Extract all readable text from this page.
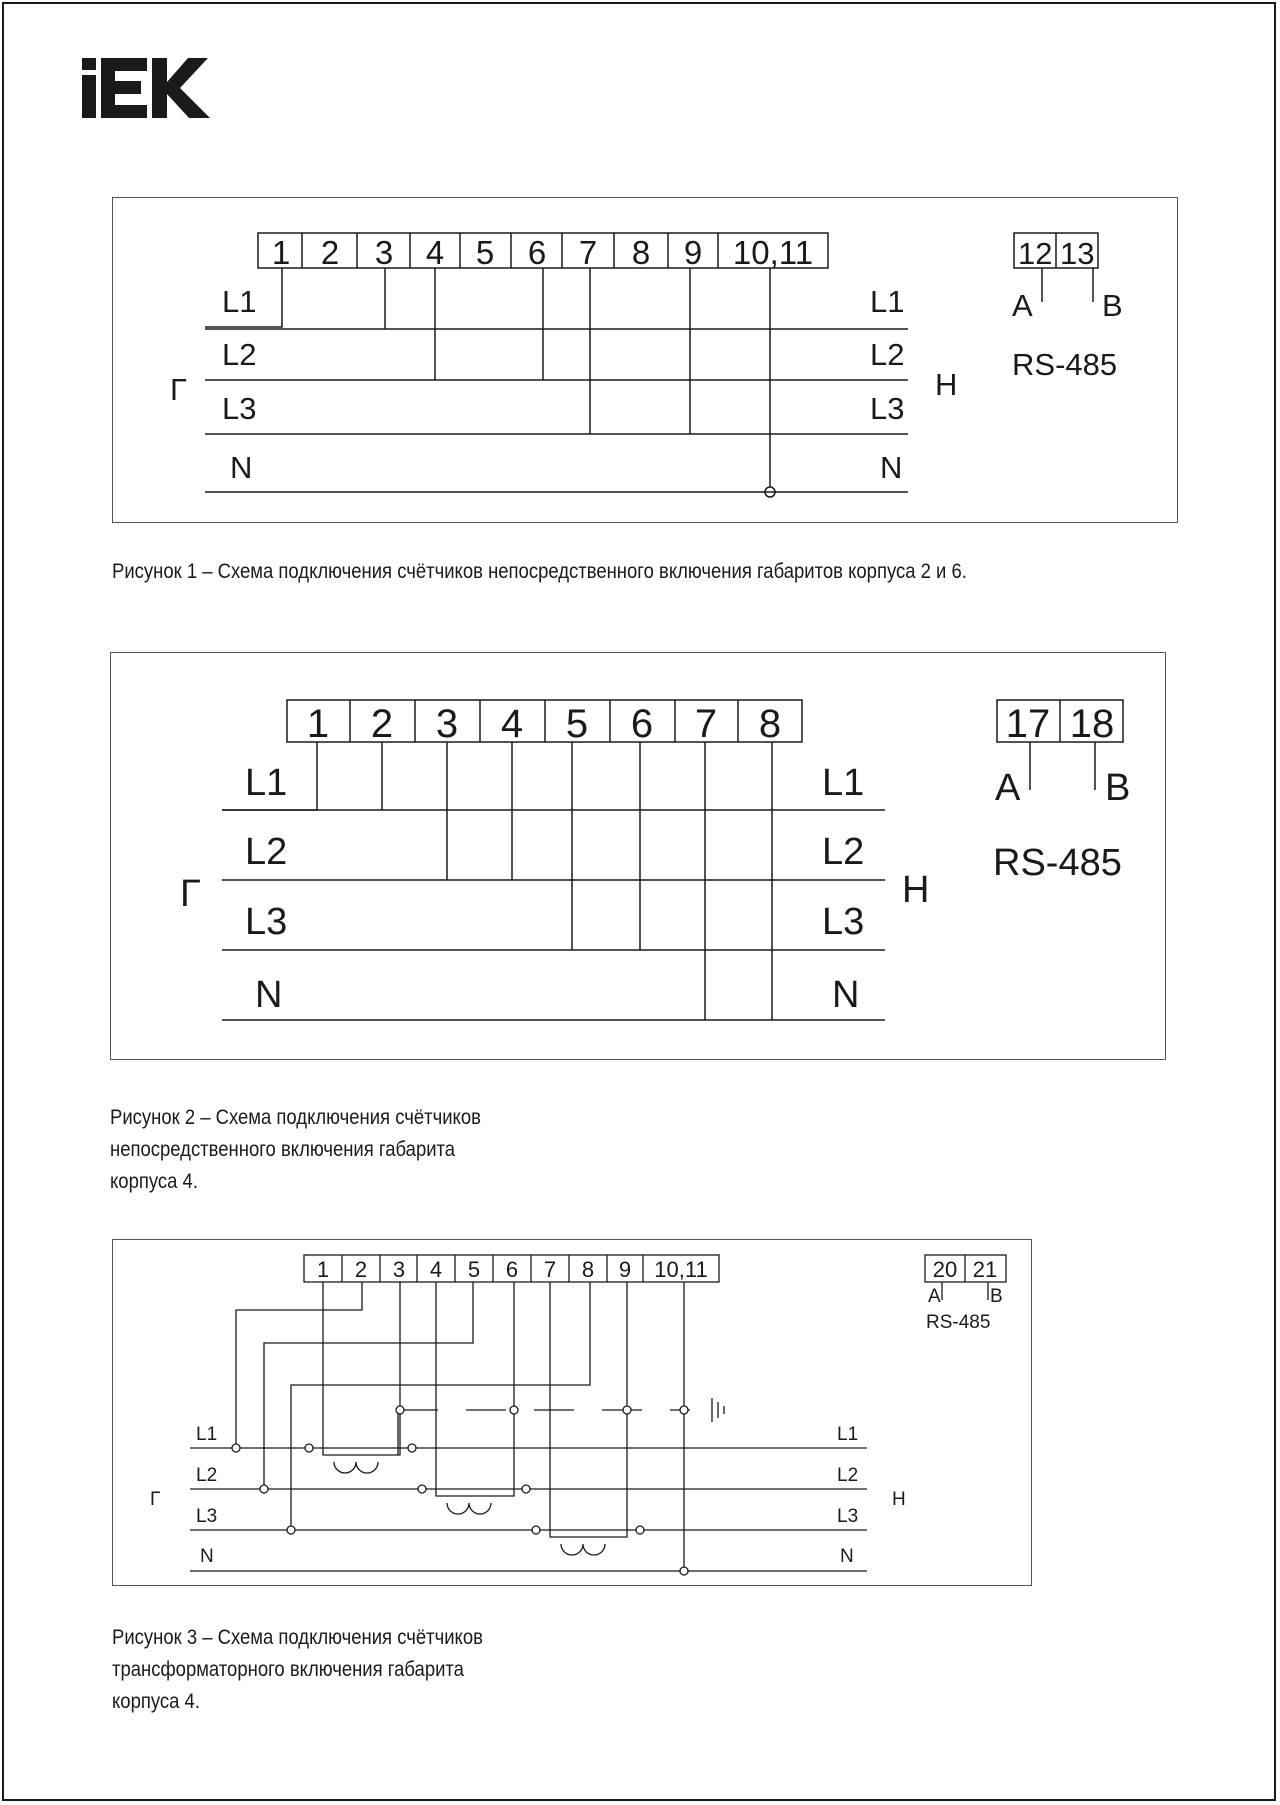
1 2 3 4 5 6 7 8 9 10,11
L1
L2
L3
N
L1
L2
L3
N
Г	Н
12 13
A B
RS-485
Рисунок 1 – Схема подключения счётчиков непосредственного включения габаритов корпуса 2 и 6.
1 2 3 4 5 6 7 8	17 18
L1
L2
L3
N
L1
L2
L3
N
Г	Н
A B
RS-485
Рисунок 2 – Схема подключения счётчиков
непосредственного включения габарита
корпуса 4.
1 2 3 4 5 6 7 8 9 10,11	20 21
L1
L2
L3
N
L1
L2
L3
N
Г	Н
A	B
RS-485
Рисунок 3 – Схема подключения счётчиков
трансформаторного включения габарита
корпуса 4.
